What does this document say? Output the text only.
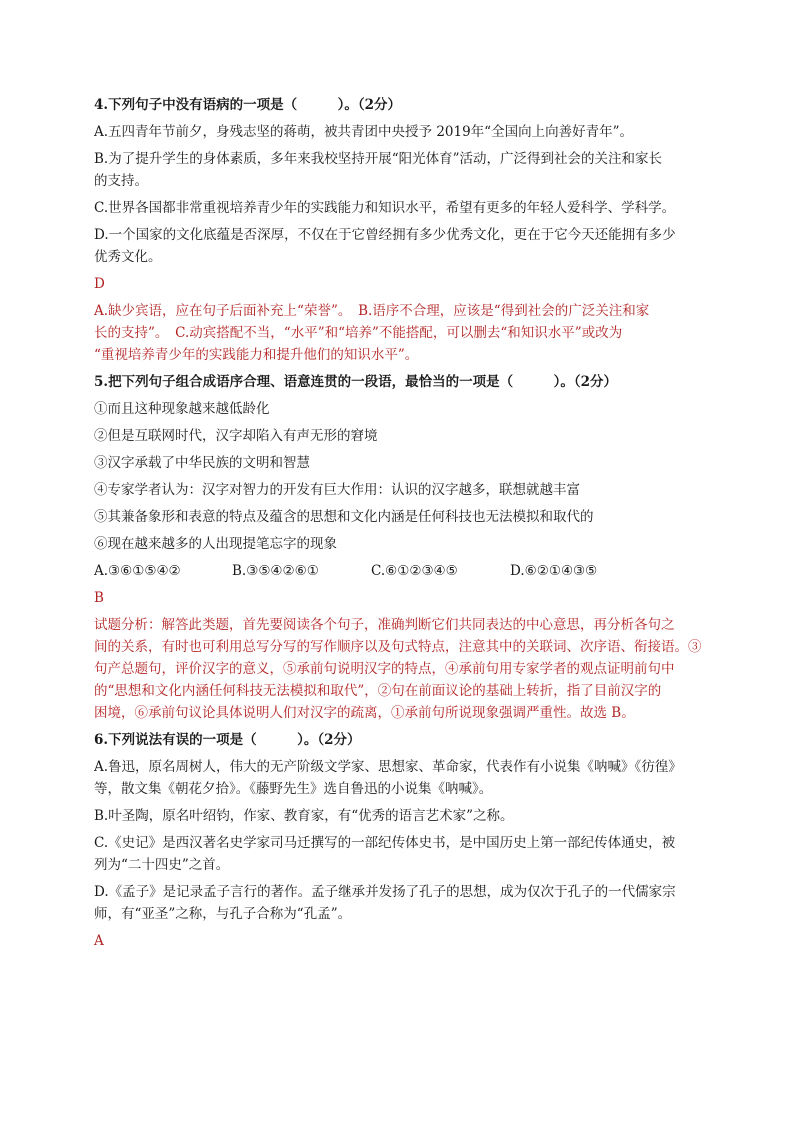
4.下列句子中没有语病的一项是（　　　）。（2分）
A.五四青年节前夕，身残志坚的蒋萌，被共青团中央授予 2019年“全国向上向善好青年”。
B.为了提升学生的身体素质，多年来我校坚持开展“阳光体育”活动，广泛得到社会的关注和家长
的支持。
C.世界各国都非常重视培养青少年的实践能力和知识水平，希望有更多的年轻人爱科学、学科学。
D.一个国家的文化底蕴是否深厚，不仅在于它曾经拥有多少优秀文化，更在于它今天还能拥有多少
优秀文化。
D
A.缺少宾语，应在句子后面补充上“荣誉”。　B.语序不合理，应该是“得到社会的广泛关注和家
长的支持”。　C.动宾搭配不当，“水平”和“培养”不能搭配，可以删去“和知识水平”或改为
“重视培养青少年的实践能力和提升他们的知识水平”。
5.把下列句子组合成语序合理、语意连贯的一段语，最恰当的一项是（　　　）。（2分）
①而且这种现象越来越低龄化
②但是互联网时代，汉字却陷入有声无形的窘境
③汉字承载了中华民族的文明和智慧
④专家学者认为：汉字对智力的开发有巨大作用：认识的汉字越多，联想就越丰富
⑤其兼备象形和表意的特点及蕴含的思想和文化内涵是任何科技也无法模拟和取代的
⑥现在越来越多的人出现提笔忘字的现象
A.③⑥①⑤④②	B.③⑤④②⑥①	C.⑥①②③④⑤	D.⑥②①④③⑤
B
试题分析：解答此类题，首先要阅读各个句子，准确判断它们共同表达的中心意思，再分析各句之
间的关系，有时也可利用总写分写的写作顺序以及句式特点，注意其中的关联词、次序语、衔接语。③
句产总题句，评价汉字的意义，⑤承前句说明汉字的特点，④承前句用专家学者的观点证明前句中
的“思想和文化内涵任何科技无法模拟和取代”，②句在前面议论的基础上转折，指了目前汉字的
困境，⑥承前句议论具体说明人们对汉字的疏离，①承前句所说现象强调严重性。故选 B。
6.下列说法有误的一项是（　　　）。（2分）
A.鲁迅，原名周树人，伟大的无产阶级文学家、思想家、革命家，代表作有小说集《呐喊》《彷徨》
等，散文集《朝花夕拾》。《藤野先生》选自鲁迅的小说集《呐喊》。
B.叶圣陶，原名叶绍钧，作家、教育家，有“优秀的语言艺术家”之称。
C.《史记》是西汉著名史学家司马迁撰写的一部纪传体史书，是中国历史上第一部纪传体通史，被
列为“二十四史”之首。
D.《孟子》是记录孟子言行的著作。孟子继承并发扬了孔子的思想，成为仅次于孔子的一代儒家宗
师，有“亚圣”之称，与孔子合称为“孔孟”。
A
